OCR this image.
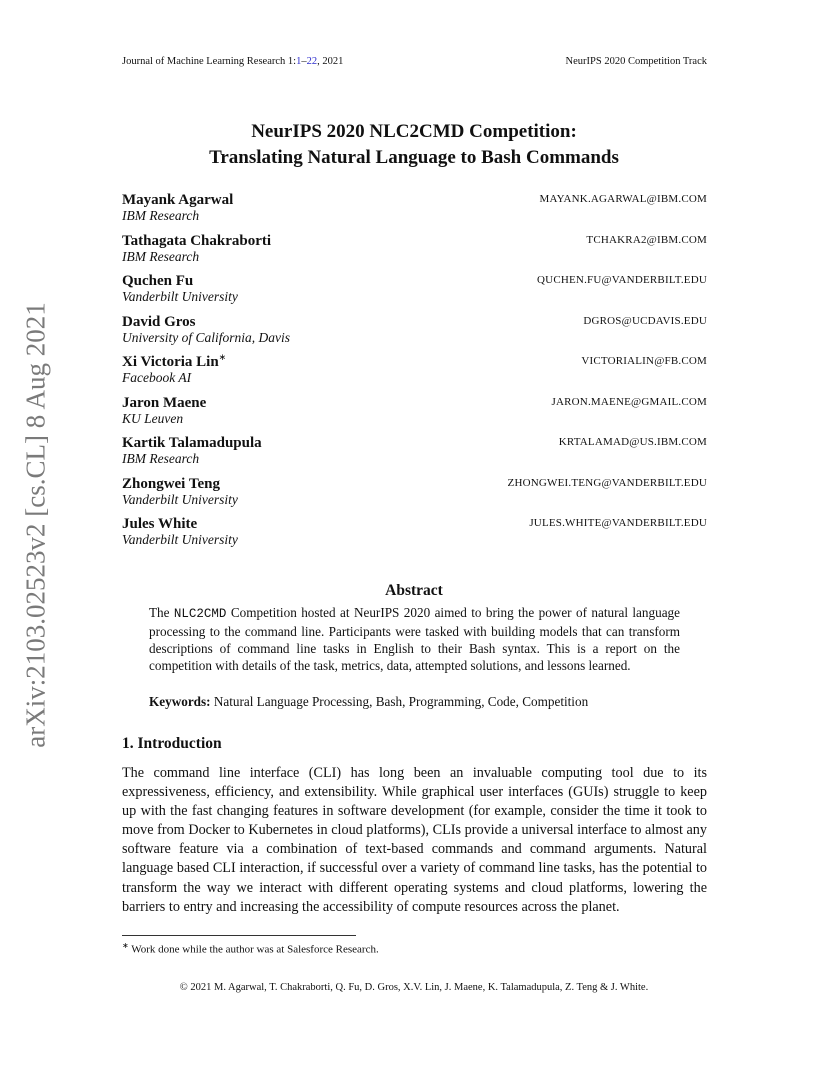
Journal of Machine Learning Research 1:1–22, 2021	NeurIPS 2020 Competition Track
NeurIPS 2020 NLC2CMD Competition:
Translating Natural Language to Bash Commands
Mayank Agarwal
IBM Research
MAYANK.AGARWAL@IBM.COM
Tathagata Chakraborti
IBM Research
TCHAKRA2@IBM.COM
Quchen Fu
Vanderbilt University
QUCHEN.FU@VANDERBILT.EDU
David Gros
University of California, Davis
DGROS@UCDAVIS.EDU
Xi Victoria Lin∗
Facebook AI
VICTORIALIN@FB.COM
Jaron Maene
KU Leuven
JARON.MAENE@GMAIL.COM
Kartik Talamadupula
IBM Research
KRTALAMAD@US.IBM.COM
Zhongwei Teng
Vanderbilt University
ZHONGWEI.TENG@VANDERBILT.EDU
Jules White
Vanderbilt University
JULES.WHITE@VANDERBILT.EDU
arXiv:2103.02523v2 [cs.CL] 8 Aug 2021	Abstract

The NLC2CMD Competition hosted at NeurIPS 2020 aimed to bring the power of natural language processing to the command line. Participants were tasked with building models that can transform descriptions of command line tasks in English to their Bash syntax. This is a report on the competition with details of the task, metrics, data, attempted solutions, and lessons learned.

Keywords: Natural Language Processing, Bash, Programming, Code, Competition
1. Introduction

The command line interface (CLI) has long been an invaluable computing tool due to its expressiveness, efficiency, and extensibility. While graphical user interfaces (GUIs) struggle to keep up with the fast changing features in software development (for example, consider the time it took to move from Docker to Kubernetes in cloud platforms), CLIs provide a universal interface to almost any software feature via a combination of text-based commands and command arguments. Natural language based CLI interaction, if successful over a variety of command line tasks, has the potential to transform the way we interact with different operating systems and cloud platforms, lowering the barriers to entry and increasing the accessibility of compute resources across the planet.

∗ Work done while the author was at Salesforce Research.
© 2021 M. Agarwal, T. Chakraborti, Q. Fu, D. Gros, X.V. Lin, J. Maene, K. Talamadupula, Z. Teng & J. White.
